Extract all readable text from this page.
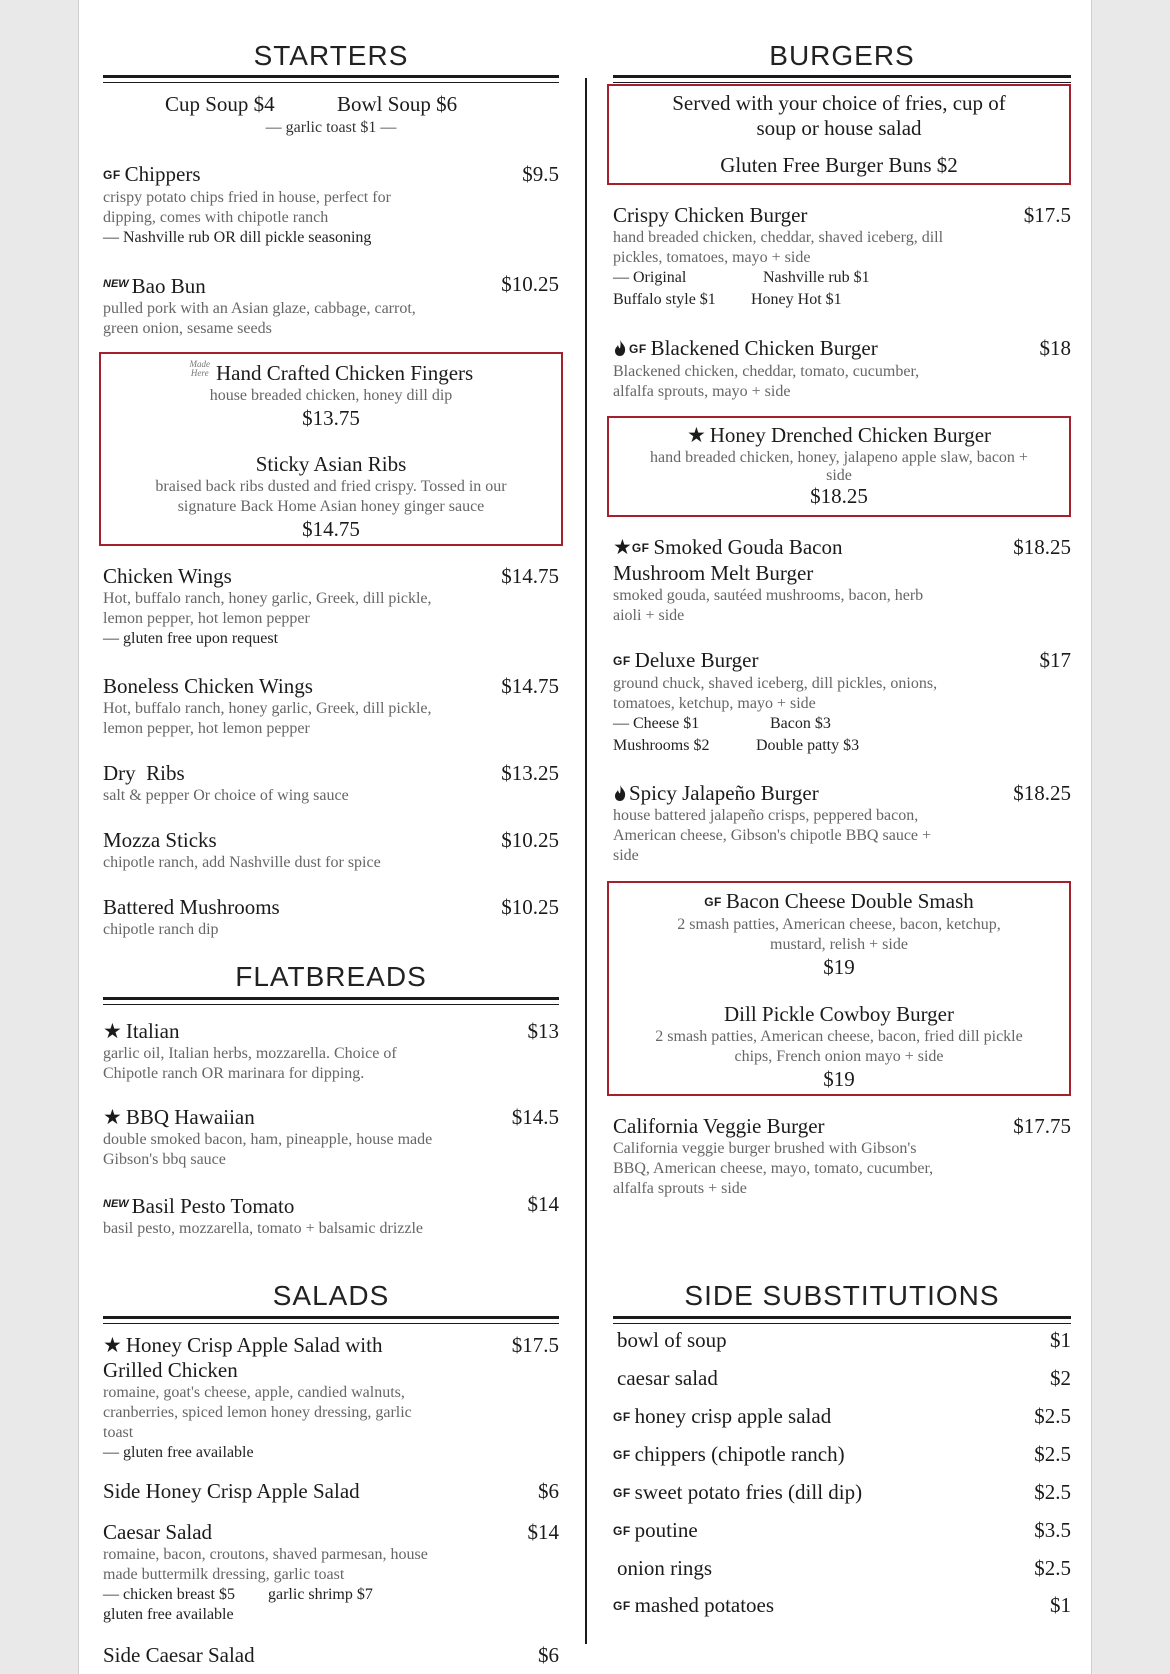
STARTERS
Cup Soup $4	Bowl Soup $6
— garlic toast $1 —
GF Chippers	$9.5
crispy potato chips fried in house, perfect for
dipping, comes with chipotle ranch
— Nashville rub OR dill pickle seasoning
$^{NEW}$ Bao Bun	$10.25
pulled pork with an Asian glaze, cabbage, carrot,
green onion, sesame seeds
Made Here Hand Crafted Chicken Fingers
house breaded chicken, honey dill dip
$13.75
Sticky Asian Ribs
braised back ribs dusted and fried crispy. Tossed in our
signature Back Home Asian honey ginger sauce
$14.75
Chicken Wings	$14.75
Hot, buffalo ranch, honey garlic, Greek, dill pickle,
lemon pepper, hot lemon pepper
— gluten free upon request
Boneless Chicken Wings	$14.75
Hot, buffalo ranch, honey garlic, Greek, dill pickle,
lemon pepper, hot lemon pepper
Dry  Ribs	$13.25
salt & pepper Or choice of wing sauce
Mozza Sticks	$10.25
chipotle ranch, add Nashville dust for spice
Battered Mushrooms	$10.25
chipotle ranch dip
FLATBREADS
★ Italian	$13
garlic oil, Italian herbs, mozzarella. Choice of
Chipotle ranch OR marinara for dipping.
★ BBQ Hawaiian	$14.5
double smoked bacon, ham, pineapple, house made
Gibson's bbq sauce
$^{NEW}$ Basil Pesto Tomato	$14
basil pesto, mozzarella, tomato + balsamic drizzle
SALADS
★ Honey Crisp Apple Salad with
Grilled Chicken
$17.5
romaine, goat's cheese, apple, candied walnuts,
cranberries, spiced lemon honey dressing, garlic
toast
— gluten free available
Side Honey Crisp Apple Salad	$6
Caesar Salad	$14
romaine, bacon, croutons, shaved parmesan, house
made buttermilk dressing, garlic toast
— chicken breast $5 garlic shrimp $7
gluten free available
Side Caesar Salad	$6
BURGERS
Served with your choice of fries, cup of
soup or house salad
Gluten Free Burger Buns $2
Crispy Chicken Burger	$17.5
hand breaded chicken, cheddar, shaved iceberg, dill
pickles, tomatoes, mayo + side
— Original	Nashville rub $1
Buffalo style $1 Honey Hot $1
GF Blackened Chicken Burger	$18
Blackened chicken, cheddar, tomato, cucumber,
alfalfa sprouts, mayo + side
★ Honey Drenched Chicken Burger
hand breaded chicken, honey, jalapeno apple slaw, bacon +
side
$18.25
★GF Smoked Gouda Bacon
Mushroom Melt Burger
$18.25
smoked gouda, sautéed mushrooms, bacon, herb
aioli + side
GF Deluxe Burger	$17
ground chuck, shaved iceberg, dill pickles, onions,
tomatoes, ketchup, mayo + side
— Cheese $1	Bacon $3
Mushrooms $2	Double patty $3
Spicy Jalapeño Burger	$18.25
house battered jalapeño crisps, peppered bacon,
American cheese, Gibson's chipotle BBQ sauce +
side
GF Bacon Cheese Double Smash
2 smash patties, American cheese, bacon, ketchup,
mustard, relish + side
$19
Dill Pickle Cowboy Burger
2 smash patties, American cheese, bacon, fried dill pickle
chips, French onion mayo + side
$19
California Veggie Burger	$17.75
California veggie burger brushed with Gibson's
BBQ, American cheese, mayo, tomato, cucumber,
alfalfa sprouts + side
SIDE SUBSTITUTIONS
bowl of soup	$1
caesar salad	$2
GF honey crisp apple salad	$2.5
GF chippers (chipotle ranch)	$2.5
GF sweet potato fries (dill dip)	$2.5
GF poutine	$3.5
onion rings	$2.5
GF mashed potatoes	$1
